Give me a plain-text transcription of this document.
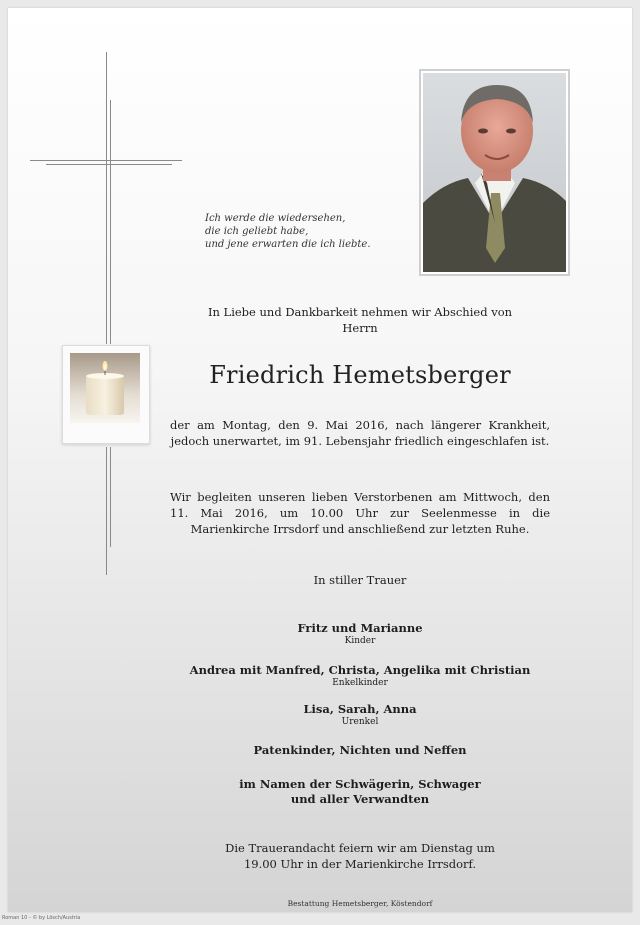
Ich werde die wiedersehen,
die ich geliebt habe,
und jene erwarten die ich liebte.
In Liebe und Dankbarkeit nehmen wir Abschied von
Herrn
Friedrich Hemetsberger
der am Montag, den 9. Mai 2016, nach längerer Krankheit, jedoch unerwartet, im 91. Lebensjahr friedlich eingeschlafen ist.
Wir begleiten unseren lieben Verstorbenen am Mittwoch, den 11. Mai 2016, um 10.00 Uhr zur Seelenmesse in die Marienkirche Irrsdorf und anschließend zur letzten Ruhe.
In stiller Trauer
Fritz und Marianne
Kinder
Andrea mit Manfred, Christa, Angelika mit Christian
Enkelkinder
Lisa, Sarah, Anna
Urenkel
Patenkinder, Nichten und Neffen
im Namen der Schwägerin, Schwager
und aller Verwandten
Die Trauerandacht feiern wir am Dienstag um
19.00 Uhr in der Marienkirche Irrsdorf.
Bestattung Hemetsberger, Köstendorf
Roman 10 - © by Lösch/Austria
